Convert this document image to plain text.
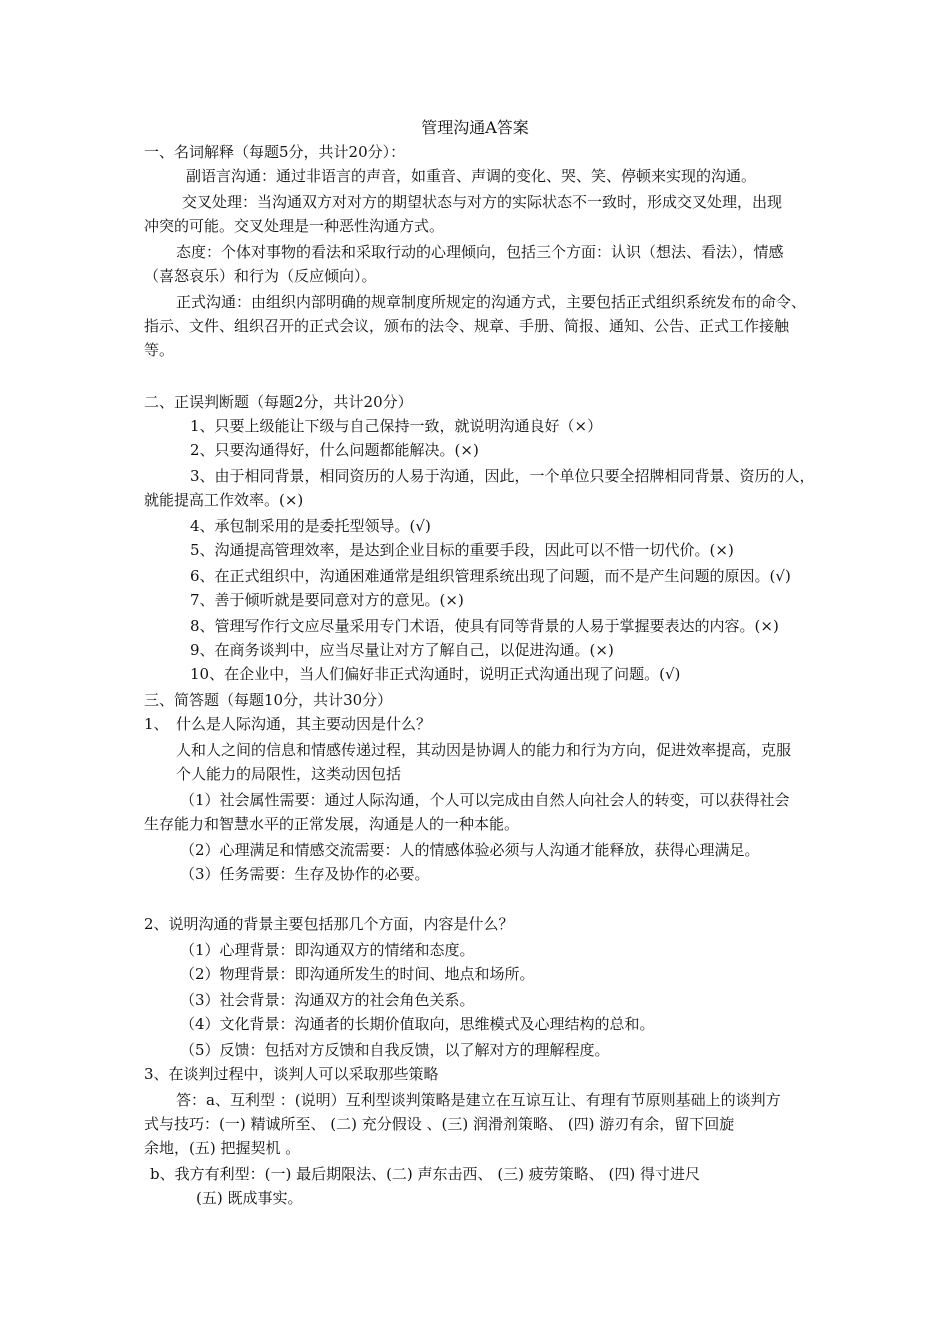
管理沟通A答案
一、名词解释（每题5分，共计20分）：
副语言沟通：通过非语言的声音，如重音、声调的变化、哭、笑、停顿来实现的沟通。
交叉处理：当沟通双方对对方的期望状态与对方的实际状态不一致时，形成交叉处理，出现
冲突的可能。交叉处理是一种恶性沟通方式。
态度：个体对事物的看法和采取行动的心理倾向，包括三个方面：认识（想法、看法），情感
（喜怒哀乐）和行为（反应倾向）。
正式沟通：由组织内部明确的规章制度所规定的沟通方式，主要包括正式组织系统发布的命令、
指示、文件、组织召开的正式会议，颁布的法令、规章、手册、简报、通知、公告、正式工作接触
等。
二、正误判断题（每题2分，共计20分）
1、只要上级能让下级与自己保持一致，就说明沟通良好（×）
2、只要沟通得好，什么问题都能解决。(×)
3、由于相同背景，相同资历的人易于沟通，因此，一个单位只要全招牌相同背景、资历的人，
就能提高工作效率。(×)
4、承包制采用的是委托型领导。(√)
5、沟通提高管理效率，是达到企业目标的重要手段，因此可以不惜一切代价。(×)
6、在正式组织中，沟通困难通常是组织管理系统出现了问题，而不是产生问题的原因。(√)
7、善于倾听就是要同意对方的意见。(×)
8、管理写作行文应尽量采用专门术语，使具有同等背景的人易于掌握要表达的内容。(×)
9、在商务谈判中，应当尽量让对方了解自己，以促进沟通。(×)
10、在企业中，当人们偏好非正式沟通时，说明正式沟通出现了问题。(√)
三、简答题（每题10分，共计30分）
1、　什么是人际沟通，其主要动因是什么？
人和人之间的信息和情感传递过程，其动因是协调人的能力和行为方向，促进效率提高，克服
个人能力的局限性，这类动因包括
（1）社会属性需要：通过人际沟通，个人可以完成由自然人向社会人的转变，可以获得社会
生存能力和智慧水平的正常发展，沟通是人的一种本能。
（2）心理满足和情感交流需要：人的情感体验必须与人沟通才能释放，获得心理满足。
（3）任务需要：生存及协作的必要。
2、说明沟通的背景主要包括那几个方面，内容是什么？
（1）心理背景：即沟通双方的情绪和态度。
（2）物理背景：即沟通所发生的时间、地点和场所。
（3）社会背景：沟通双方的社会角色关系。
（4）文化背景：沟通者的长期价值取向，思维模式及心理结构的总和。
（5）反馈：包括对方反馈和自我反馈，以了解对方的理解程度。
3、在谈判过程中，谈判人可以采取那些策略
答：a、互利型 ：(说明）互利型谈判策略是建立在互谅互让、有理有节原则基础上的谈判方
式与技巧：(一) 精诚所至、 (二) 充分假设 、(三) 润滑剂策略、 (四) 游刃有余，留下回旋
余地，(五) 把握契机 。
b、我方有利型：(一) 最后期限法、(二) 声东击西、 (三) 疲劳策略、 (四) 得寸进尺
(五) 既成事实。
